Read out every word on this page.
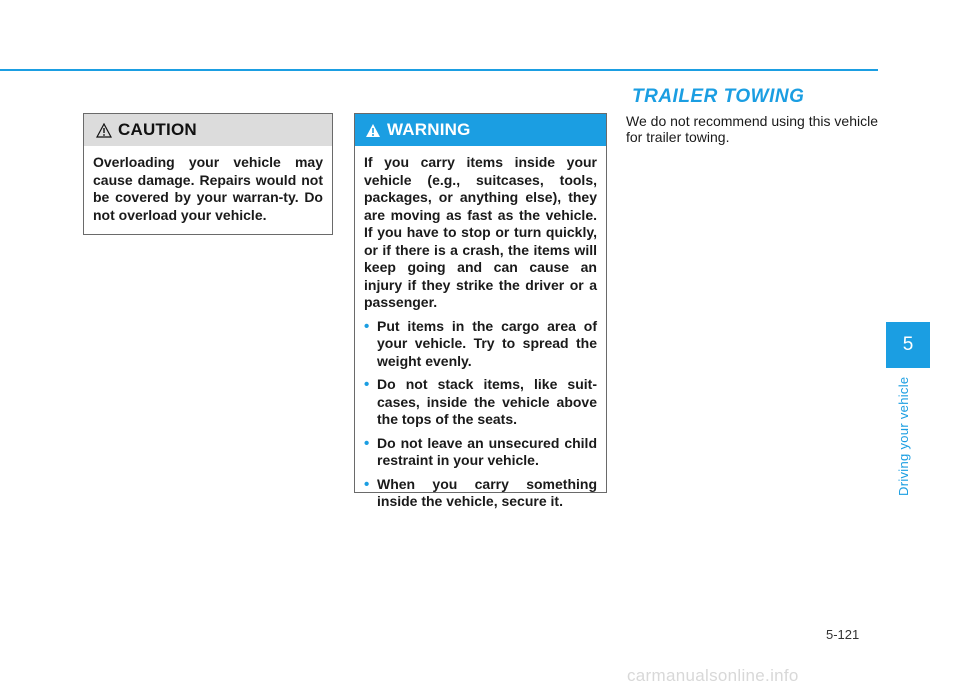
CAUTION
Overloading your vehicle may cause damage. Repairs would not be covered by your warran-ty. Do not overload your vehicle.
WARNING
If you carry items inside your vehicle (e.g., suitcases, tools, packages, or anything else), they are moving as fast as the vehicle. If you have to stop or turn quickly, or if there is a crash, the items will keep going and can cause an injury if they strike the driver or a passenger.
• Put items in the cargo area of your vehicle. Try to spread the weight evenly.
• Do not stack items, like suit-cases, inside the vehicle above the tops of the seats.
• Do not leave an unsecured child restraint in your vehicle.
• When you carry something inside the vehicle, secure it.
TRAILER TOWING
We do not recommend using this vehicle for trailer towing.
5
Driving your vehicle
5-121
carmanualsonline.info
